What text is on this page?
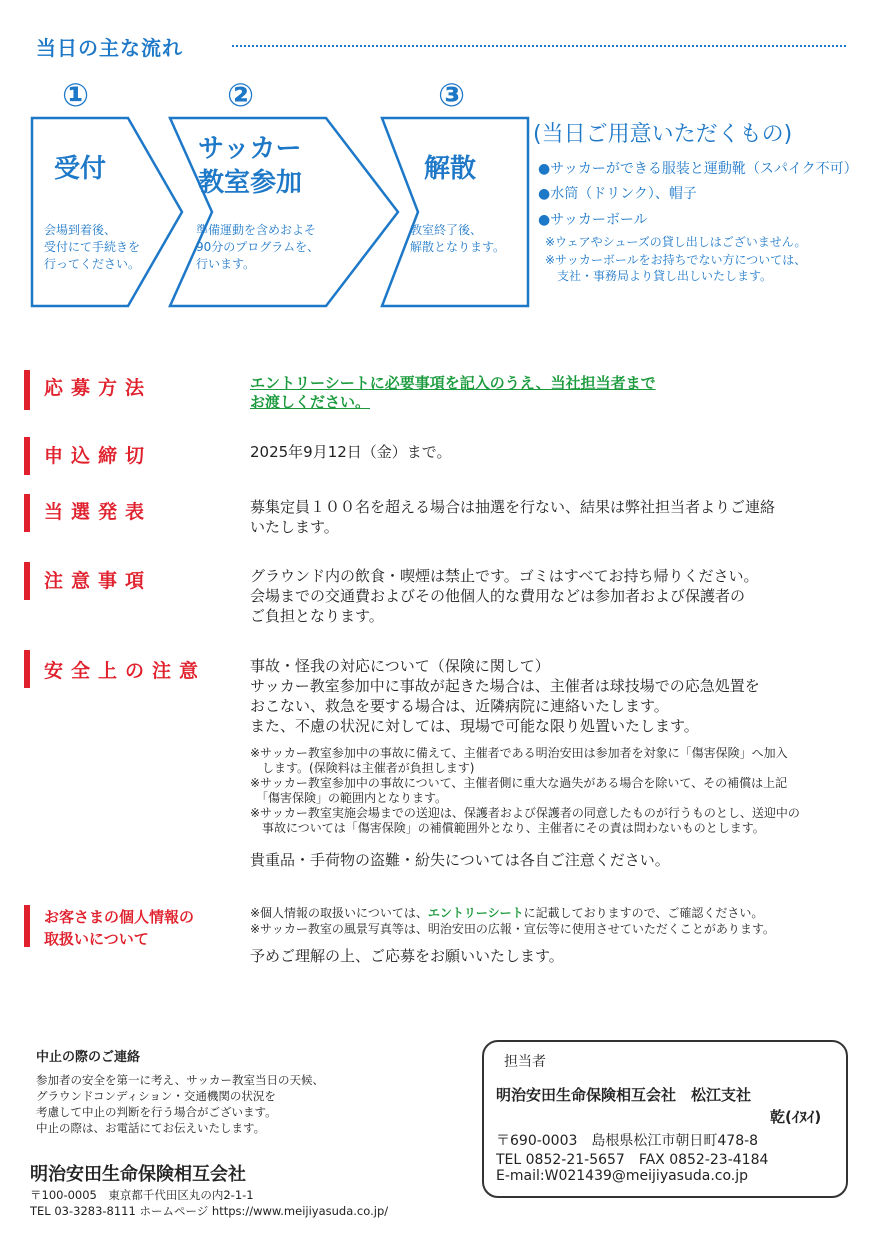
当日の主な流れ
①	②	③
受付
会場到着後、
受付にて手続きを
行ってください。
サッカー
教室参加
準備運動を含めおよそ
90分のプログラムを、
行います。
解散
教室終了後、
解散となります。
(当日ご用意いただくもの)
●サッカーができる服装と運動靴（スパイク不可）
●水筒（ドリンク）、帽子
●サッカーボール
※ウェアやシューズの貸し出しはございません。
※サッカーボールをお持ちでない方については、
　支社・事務局より貸し出しいたします。
応募方法	エントリーシートに必要事項を記入のうえ、当社担当者まで
お渡しください。
申込締切	2025年9月12日（金）まで。
当選発表	募集定員１００名を超える場合は抽選を行ない、結果は弊社担当者よりご連絡
いたします。
注意事項	グラウンド内の飲食・喫煙は禁止です。ゴミはすべてお持ち帰りください。
会場までの交通費およびその他個人的な費用などは参加者および保護者の
ご負担となります。
安全上の注意	事故・怪我の対応について（保険に関して）
サッカー教室参加中に事故が起きた場合は、主催者は球技場での応急処置を
おこない、救急を要する場合は、近隣病院に連絡いたします。
また、不慮の状況に対しては、現場で可能な限り処置いたします。
※サッカー教室参加中の事故に備えて、主催者である明治安田は参加者を対象に「傷害保険」へ加入
　します。(保険料は主催者が負担します)
※サッカー教室参加中の事故について、主催者側に重大な過失がある場合を除いて、その補償は上記
　「傷害保険」の範囲内となります。
※サッカー教室実施会場までの送迎は、保護者および保護者の同意したものが行うものとし、送迎中の
　事故については「傷害保険」の補償範囲外となり、主催者にその責は問わないものとします。
貴重品・手荷物の盗難・紛失については各自ご注意ください。
お客さまの個人情報の
取扱いについて
※個人情報の取扱いについては、エントリーシートに記載しておりますので、ご確認ください。
※サッカー教室の風景写真等は、明治安田の広報・宣伝等に使用させていただくことがあります。
予めご理解の上、ご応募をお願いいたします。
中止の際のご連絡
参加者の安全を第一に考え、サッカー教室当日の天候、
グラウンドコンディション・交通機関の状況を
考慮して中止の判断を行う場合がございます。
中止の際は、お電話にてお伝えいたします。
明治安田生命保険相互会社
〒100-0005　東京都千代田区丸の内2-1-1
TEL 03-3283-8111 ホームページ https://www.meijiyasuda.co.jp/
担当者
明治安田生命保険相互会社　松江支社
乾(ｲﾇｲ)
〒690-0003　島根県松江市朝日町478-8
TEL 0852-21-5657　FAX 0852-23-4184
E-mail:W021439@meijiyasuda.co.jp
